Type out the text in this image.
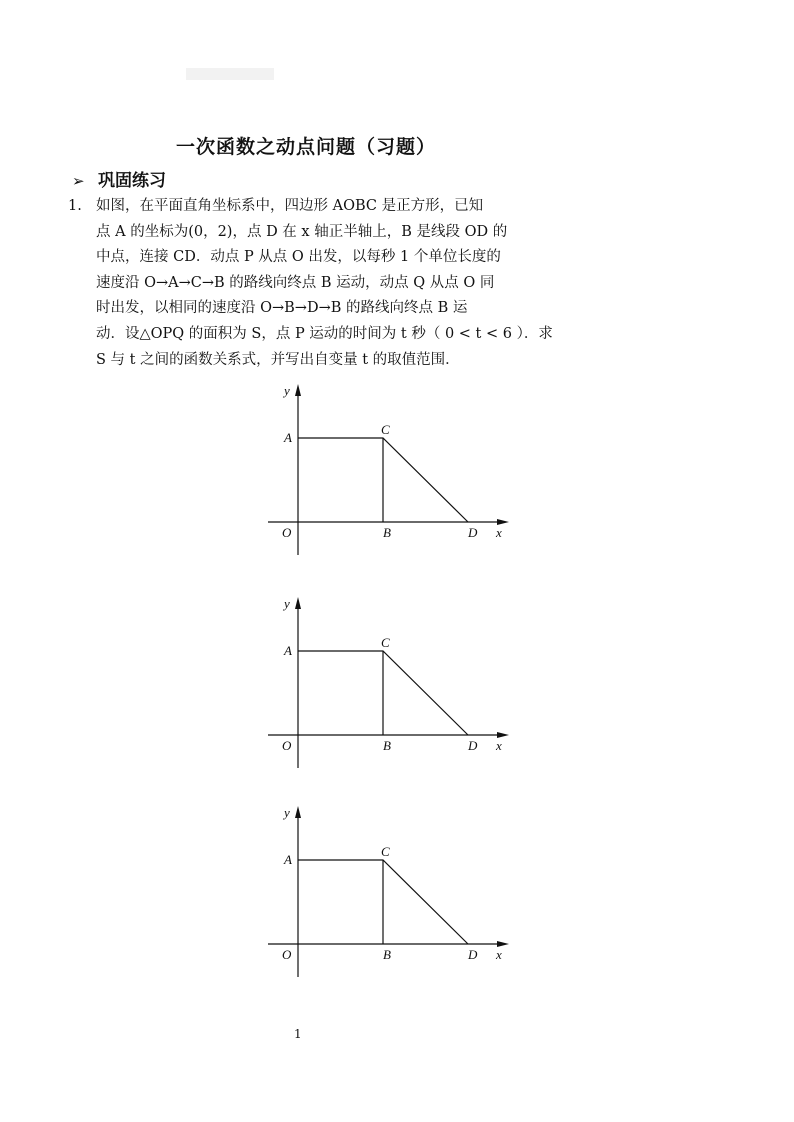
一次函数之动点问题（习题）
➢ 巩固练习
1. 如图，在平面直角坐标系中，四边形 AOBC 是正方形，已知
点 A 的坐标为(0，2)，点 D 在 x 轴正半轴上，B 是线段 OD 的
中点，连接 CD．动点 P 从点 O 出发，以每秒 1 个单位长度的
速度沿 O→A→C→B 的路线向终点 B 运动，动点 Q 从点 O 同
时出发，以相同的速度沿 O→B→D→B 的路线向终点 B 运
动．设△OPQ 的面积为 S，点 P 运动的时间为 t 秒（ 0 < t < 6 ）．求
S 与 t 之间的函数关系式，并写出自变量 t 的取值范围．
y
x
A
C
O	B	D
y
x
A
C
O	B	D
y
x
A
C
O	B	D
1
